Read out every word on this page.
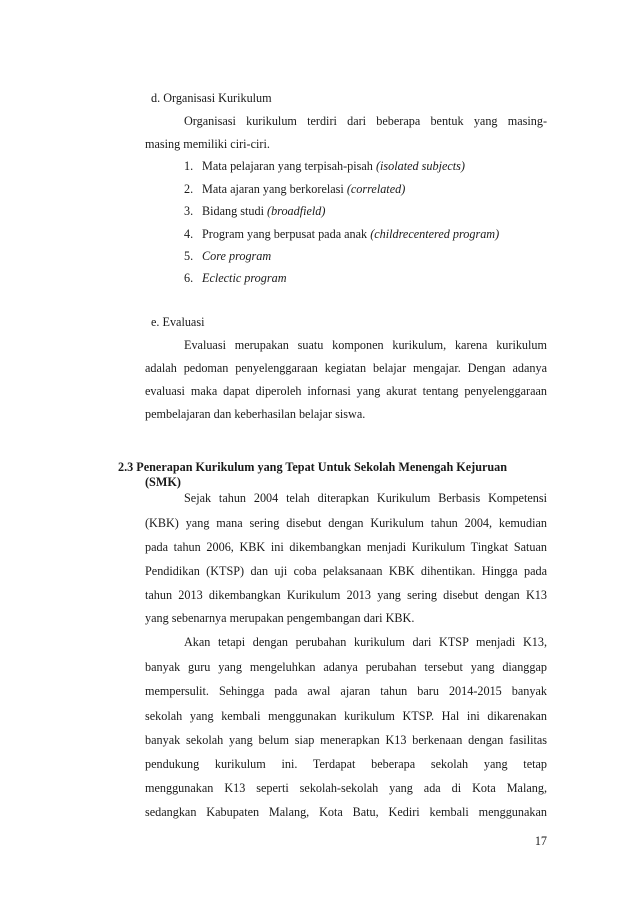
d. Organisasi Kurikulum
Organisasi kurikulum terdiri dari beberapa bentuk yang masing-
masing memiliki ciri-ciri.
1. Mata pelajaran yang terpisah-pisah (isolated subjects)
2. Mata ajaran yang berkorelasi (correlated)
3. Bidang studi (broadfield)
4. Program yang berpusat pada anak (childrecentered program)
5. Core program
6. Eclectic program
e. Evaluasi
Evaluasi merupakan suatu komponen kurikulum, karena kurikulum
adalah pedoman penyelenggaraan kegiatan belajar mengajar. Dengan adanya
evaluasi maka dapat diperoleh infornasi yang akurat tentang penyelenggaraan
pembelajaran dan keberhasilan belajar siswa.
2.3 Penerapan Kurikulum yang Tepat Untuk Sekolah Menengah Kejuruan
(SMK)
Sejak tahun 2004 telah diterapkan Kurikulum Berbasis Kompetensi
(KBK) yang mana sering disebut dengan Kurikulum tahun 2004, kemudian
pada tahun 2006, KBK ini dikembangkan menjadi Kurikulum Tingkat Satuan
Pendidikan (KTSP) dan uji coba pelaksanaan KBK dihentikan. Hingga pada
tahun 2013 dikembangkan Kurikulum 2013 yang sering disebut dengan K13
yang sebenarnya merupakan pengembangan dari KBK.
Akan tetapi dengan perubahan kurikulum dari KTSP menjadi K13,
banyak guru yang mengeluhkan adanya perubahan tersebut yang dianggap
mempersulit. Sehingga pada awal ajaran tahun baru 2014-2015 banyak
sekolah yang kembali menggunakan kurikulum KTSP. Hal ini dikarenakan
banyak sekolah yang belum siap menerapkan K13 berkenaan dengan fasilitas
pendukung kurikulum ini. Terdapat beberapa sekolah yang tetap
menggunakan K13 seperti sekolah-sekolah yang ada di Kota Malang,
sedangkan Kabupaten Malang, Kota Batu, Kediri kembali menggunakan
17
